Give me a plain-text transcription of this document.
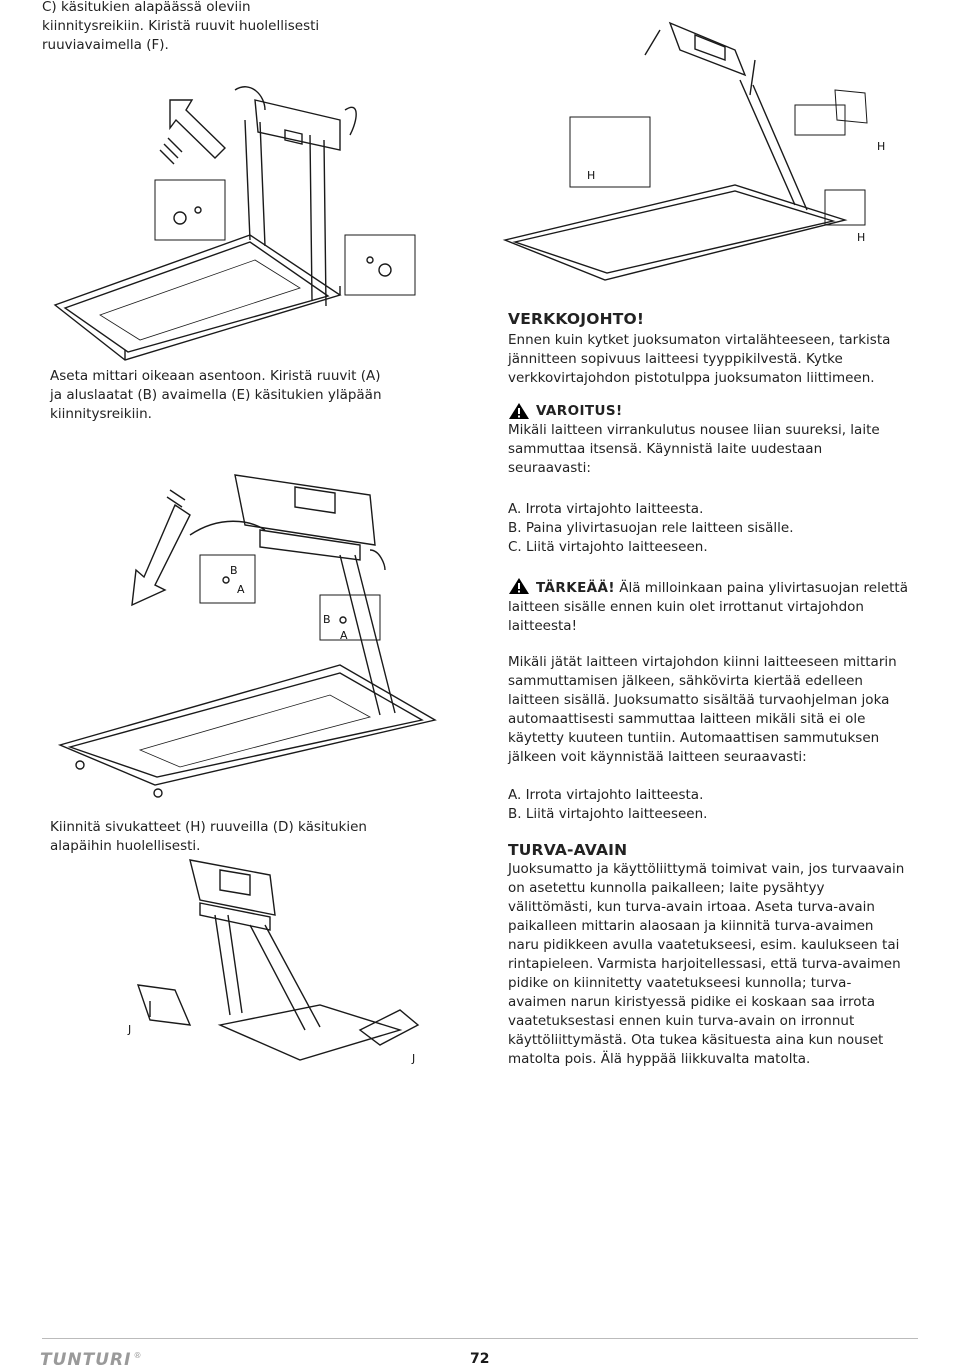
C) käsitukien alapäässä oleviin kiinnitysreikiin. Kiristä ruuvit huolellisesti ruuviavaimella (F).

H
H
H

Aseta mittari oikeaan asentoon. Kiristä ruuvit (A) ja aluslaatat (B) avaimella (E) käsitukien yläpään kiinnitysreikiin.

VERKKOJOHTO!

Ennen kuin kytket juoksumaton virtalähteeseen, tarkista jännitteen sopivuus laitteesi tyyppikilvestä. Kytke verkkovirtajohdon pistotulppa juoksumaton liittimeen.

VAROITUS!

Mikäli laitteen virrankulutus nousee liian suureksi, laite sammuttaa itsensä. Käynnistä laite uudestaan seuraavasti:

A. Irrota virtajohto laitteesta.

B. Paina ylivirtasuojan rele laitteen sisälle.

C. Liitä virtajohto laitteeseen.

TÄRKEÄÄ! Älä milloinkaan paina ylivirtasuojan relettä laitteen sisälle ennen kuin olet irrottanut virtajohdon laitteesta!

Mikäli jätät laitteen virtajohdon kiinni laitteeseen mittarin sammuttamisen jälkeen, sähkövirta kiertää edelleen laitteen sisällä. Juoksumatto sisältää turvaohjelman joka automaattisesti sammuttaa laitteen mikäli sitä ei ole käytetty kuuteen tuntiin. Automaattisen sammutuksen jälkeen voit käynnistää laitteen seuraavasti:

A. Irrota virtajohto laitteesta.

B. Liitä virtajohto laitteeseen.

TURVA-AVAIN

Juoksumatto ja käyttöliittymä toimivat vain, jos turvaavain on asetettu kunnolla paikalleen; laite pysähtyy välittömästi, kun turva-avain irtoaa. Aseta turva-avain paikalleen mittarin alaosaan ja kiinnitä turva-avaimen naru pidikkeen avulla vaatetukseesi, esim. kaulukseen tai rintapieleen. Varmista harjoitellessasi, että turva-avaimen pidike on kiinnitetty vaatetukseesi kunnolla; turva-avaimen narun kiristyessä pidike ei koskaan saa irrota vaatetuksestasi ennen kuin turva-avain on irronnut käyttöliittymästä. Ota tukea käsituesta aina kun nouset matolta pois. Älä hyppää liikkuvalta matolta.

B
A
B
A

Kiinnitä sivukatteet (H) ruuveilla (D) käsitukien alapäihin huolellisesti.

J
J
TUNTURI ®	72
